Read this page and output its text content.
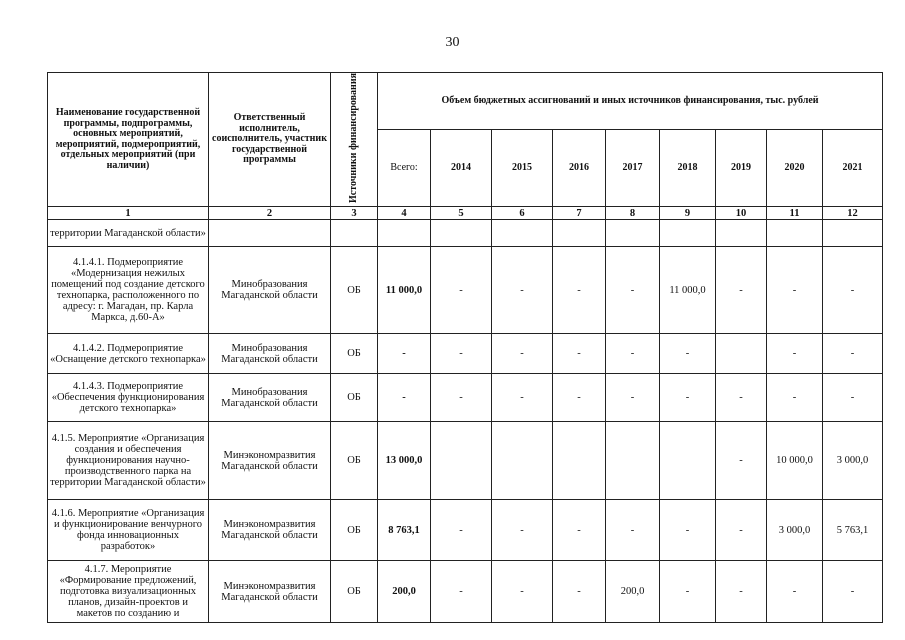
30
Наименование государственной программы, подпрограммы, основных мероприятий, мероприятий, подмероприятий, отдельных мероприятий (при наличии)	Ответственный исполнитель, соисполнитель, участник государственной программы	Источники финансирования	Объем бюджетных ассигнований и иных источников финансирования, тыс. рублей								
			Всего:	2014	2015	2016	2017	2018	2019	2020	2021
1	2	3	4	5	6	7	8	9	10	11	12
территории Магаданской области»											
4.1.4.1. Подмероприятие «Модернизация нежилых помещений под создание детского технопарка, расположенного по адресу: г. Магадан, пр. Карла Маркса, д.60-А»	Минобразования Магаданской области	ОБ	11 000,0	-	-	-	-	11 000,0	-	-	-
4.1.4.2. Подмероприятие «Оснащение детского технопарка»	Минобразования Магаданской области	ОБ	-	-	-	-	-	-		-	-
4.1.4.3. Подмероприятие «Обеспечения функционирования детского технопарка»	Минобразования Магаданской области	ОБ	-	-	-	-	-	-	-	-	-
4.1.5. Мероприятие «Организация создания и обеспечения функционирования научно-производственного парка на территории Магаданской области»	Минэкономразвития Магаданской области	ОБ	13 000,0						-	10 000,0	3 000,0
4.1.6. Мероприятие «Организация и функционирование венчурного фонда инновационных разработок»	Минэкономразвития Магаданской области	ОБ	8 763,1	-	-	-	-	-	-	3 000,0	5 763,1
4.1.7. Мероприятие «Формирование предложений, подготовка визуализационных планов, дизайн-проектов и макетов по созданию и	Минэкономразвития Магаданской области	ОБ	200,0	-	-	-	200,0	-	-	-	-
